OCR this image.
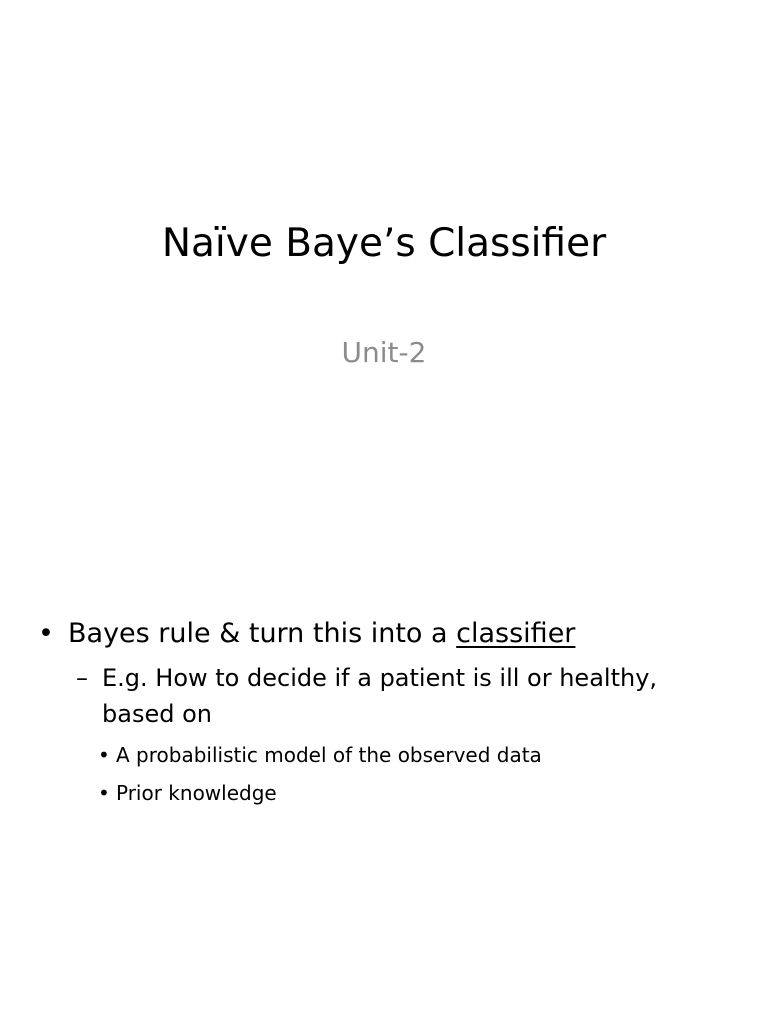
Naïve Baye’s Classifier
Unit-2
• Bayes rule & turn this into a classifier
– E.g. How to decide if a patient is ill or healthy, based on
• A probabilistic model of the observed data
• Prior knowledge
